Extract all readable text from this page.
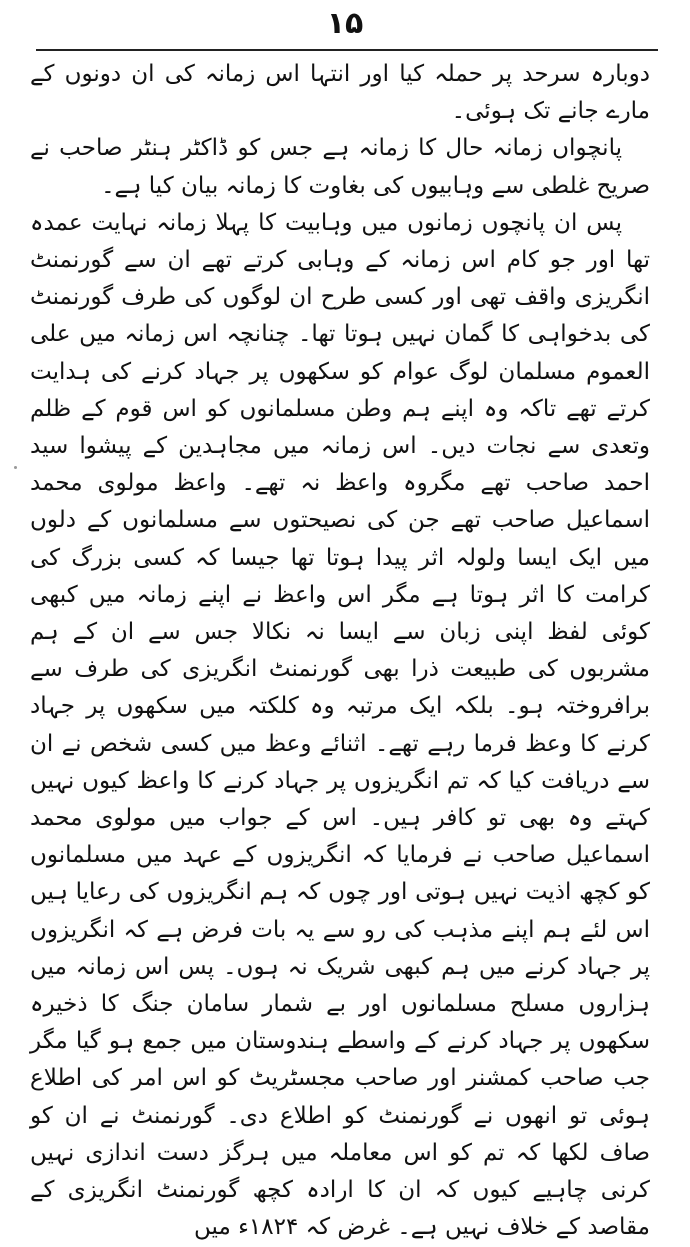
۱۵

دوبارہ سرحد پر حملہ کیا اور انتہا اس زمانہ کی ان دونوں کے مارے جانے تک ہوئی۔

پانچواں زمانہ حال کا زمانہ ہے جس کو ڈاکٹر ہنٹر صاحب نے صریح غلطی سے وہابیوں کی بغاوت کا زمانہ بیان کیا ہے۔

پس ان پانچوں زمانوں میں وہابیت کا پہلا زمانہ نہایت عمدہ تھا اور جو کام اس زمانہ کے وہابی کرتے تھے ان سے گورنمنٹ انگریزی واقف تھی اور کسی طرح ان لوگوں کی طرف گورنمنٹ کی بدخواہی کا گمان نہیں ہوتا تھا۔ چنانچہ اس زمانہ میں علی العموم مسلمان لوگ عوام کو سکھوں پر جہاد کرنے کی ہدایت کرتے تھے تاکہ وہ اپنے ہم وطن مسلمانوں کو اس قوم کے ظلم وتعدی سے نجات دیں۔ اس زمانہ میں مجاہدین کے پیشوا سید احمد صاحب تھے مگروہ واعظ نہ تھے۔ واعظ مولوی محمد اسماعیل صاحب تھے جن کی نصیحتوں سے مسلمانوں کے دلوں میں ایک ایسا ولولہ اثر پیدا ہوتا تھا جیسا کہ کسی بزرگ کی کرامت کا اثر ہوتا ہے مگر اس واعظ نے اپنے زمانہ میں کبھی کوئی لفظ اپنی زبان سے ایسا نہ نکالا جس سے ان کے ہم مشربوں کی طبیعت ذرا بھی گورنمنٹ انگریزی کی طرف سے برافروختہ ہو۔ بلکہ ایک مرتبہ وہ کلکتہ میں سکھوں پر جہاد کرنے کا وعظ فرما رہے تھے۔ اثنائے وعظ میں کسی شخص نے ان سے دریافت کیا کہ تم انگریزوں پر جہاد کرنے کا واعظ کیوں نہیں کہتے وہ بھی تو کافر ہیں۔ اس کے جواب میں مولوی محمد اسماعیل صاحب نے فرمایا کہ انگریزوں کے عہد میں مسلمانوں کو کچھ اذیت نہیں ہوتی اور چوں کہ ہم انگریزوں کی رعایا ہیں اس لئے ہم اپنے مذہب کی رو سے یہ بات فرض ہے کہ انگریزوں پر جہاد کرنے میں ہم کبھی شریک نہ ہوں۔ پس اس زمانہ میں ہزاروں مسلح مسلمانوں اور بے شمار سامان جنگ کا ذخیرہ سکھوں پر جہاد کرنے کے واسطے ہندوستان میں جمع ہو گیا مگر جب صاحب کمشنر اور صاحب مجسٹریٹ کو اس امر کی اطلاع ہوئی تو انھوں نے گورنمنٹ کو اطلاع دی۔ گورنمنٹ نے ان کو صاف لکھا کہ تم کو اس معاملہ میں ہرگز دست اندازی نہیں کرنی چاہیے کیوں کہ ان کا ارادہ کچھ گورنمنٹ انگریزی کے مقاصد کے خلاف نہیں ہے۔ غرض کہ ۱۸۲۴ء میں
